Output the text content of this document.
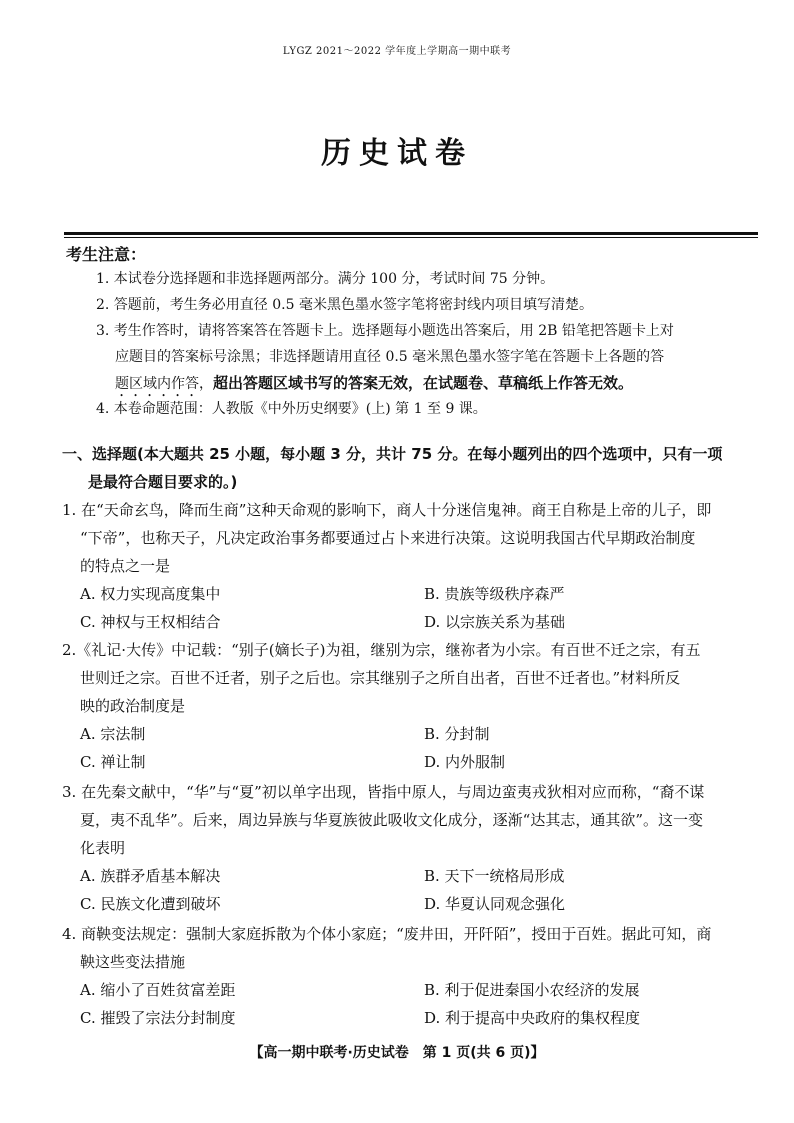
LYGZ 2021～2022 学年度上学期高一期中联考
历史试卷
考生注意：
1. 本试卷分选择题和非选择题两部分。满分 100 分，考试时间 75 分钟。
2. 答题前，考生务必用直径 0.5 毫米黑色墨水签字笔将密封线内项目填写清楚。
3. 考生作答时，请将答案答在答题卡上。选择题每小题选出答案后，用 2B 铅笔把答题卡上对
应题目的答案标号涂黑；非选择题请用直径 0.5 毫米黑色墨水签字笔在答题卡上各题的答
题区域内作答，超出答题区域书写的答案无效，在试题卷、草稿纸上作答无效。
4. 本卷命题范围：人教版《中外历史纲要》(上) 第 1 至 9 课。
一、选择题(本大题共 25 小题，每小题 3 分，共计 75 分。在每小题列出的四个选项中，只有一项
是最符合题目要求的。)
1. 在“天命玄鸟，降而生商”这种天命观的影响下，商人十分迷信鬼神。商王自称是上帝的儿子，即
“下帝”，也称天子，凡决定政治事务都要通过占卜来进行决策。这说明我国古代早期政治制度
的特点之一是
A. 权力实现高度集中	B. 贵族等级秩序森严
C. 神权与王权相结合	D. 以宗族关系为基础
2.《礼记·大传》中记载：“别子(嫡长子)为祖，继别为宗，继祢者为小宗。有百世不迁之宗，有五
世则迁之宗。百世不迁者，别子之后也。宗其继别子之所自出者，百世不迁者也。”材料所反
映的政治制度是
A. 宗法制	B. 分封制
C. 禅让制	D. 内外服制
3. 在先秦文献中，“华”与“夏”初以单字出现，皆指中原人，与周边蛮夷戎狄相对应而称，“裔不谋
夏，夷不乱华”。后来，周边异族与华夏族彼此吸收文化成分，逐渐“达其志，通其欲”。这一变
化表明
A. 族群矛盾基本解决	B. 天下一统格局形成
C. 民族文化遭到破坏	D. 华夏认同观念强化
4. 商鞅变法规定：强制大家庭拆散为个体小家庭；“废井田，开阡陌”，授田于百姓。据此可知，商
鞅这些变法措施
A. 缩小了百姓贫富差距	B. 利于促进秦国小农经济的发展
C. 摧毁了宗法分封制度	D. 利于提高中央政府的集权程度
【高一期中联考·历史试卷　第 1 页(共 6 页)】
